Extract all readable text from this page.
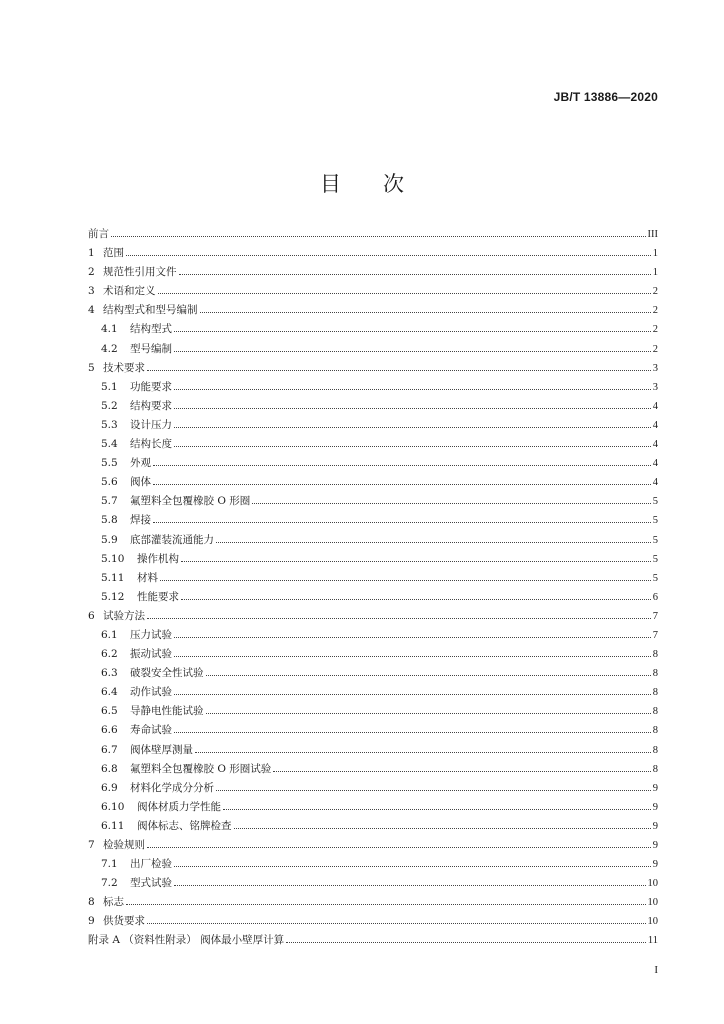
JB/T 13886—2020
目　　次
前言	III
1 范围	1
2 规范性引用文件	1
3 术语和定义	2
4 结构型式和型号编制	2
4.1	结构型式	2
4.2	型号编制	2
5 技术要求	3
5.1	功能要求	3
5.2	结构要求	4
5.3	设计压力	4
5.4	结构长度	4
5.5	外观	4
5.6	阀体	4
5.7	氟塑料全包覆橡胶 O 形圈	5
5.8	焊接	5
5.9	底部灌装流通能力	5
5.10	操作机构	5
5.11	材料	5
5.12	性能要求	6
6 试验方法	7
6.1	压力试验	7
6.2	振动试验	8
6.3	破裂安全性试验	8
6.4	动作试验	8
6.5	导静电性能试验	8
6.6	寿命试验	8
6.7	阀体壁厚测量	8
6.8	氟塑料全包覆橡胶 O 形圈试验	8
6.9	材料化学成分分析	9
6.10	阀体材质力学性能	9
6.11	阀体标志、铭牌检查	9
7 检验规则	9
7.1	出厂检验	9
7.2	型式试验	10
8 标志	10
9 供货要求	10
附录 A （资料性附录） 阀体最小壁厚计算	11
I
